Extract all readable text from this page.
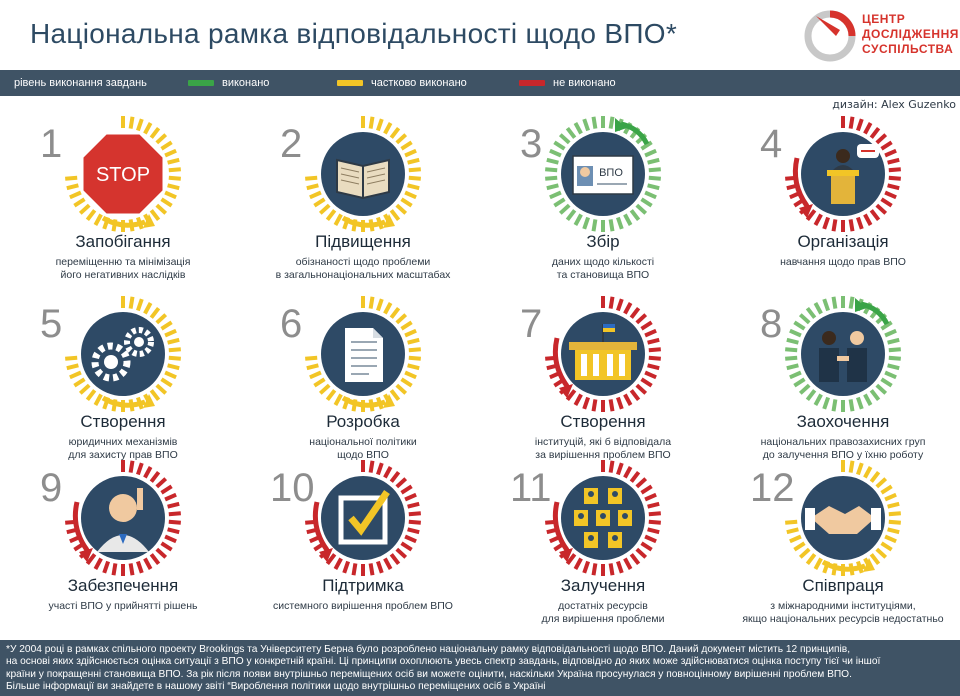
Національна рамка відповідальності щодо ВПО*	ЦЕНТР
ДОСЛІДЖЕННЯ
СУСПІЛЬСТВА
рівень виконання завдань	виконано	частково виконано	не виконано
дизайн: Alex Guzenko
1
STOP
Запобігання
переміщенню та мінімізація
його негативних наслідків
2
Підвищення
обізнаності щодо проблеми
в загальнонаціональних масштабах
3
ВПО
Збір
даних щодо кількості
та становища ВПО
4
Організація
навчання щодо прав ВПО
5
Створення
юридичних механізмів
для захисту прав ВПО
6
Розробка
національної політики
щодо ВПО
7
Створення
інституцій, які б відповідала
за вирішення проблем ВПО
8
Заохочення
національних правозахисних груп
до залучення ВПО у їхню роботу
9
Забезпечення
участі ВПО у прийнятті рішень
10
Підтримка
системного вирішення проблем ВПО
11
Залучення
достатніх ресурсів
для вирішення проблеми
12
Співпраця
з міжнародними інституціями,
якщо національних ресурсів недостатньо

*У 2004 році в рамках спільного проекту Brookings та Університету Берна було розроблено національну рамку відповідальності щодо ВПО. Даний документ містить 12 принципів,

на основі яких здійснюється оцінка ситуації з ВПО у конкретній країні. Ці принципи охоплюють увесь спектр завдань, відповідно до яких може здійснюватися оцінка поступу тієї чи іншої

країни у покращенні становища ВПО. За рік після появи внутрішньо переміщених осіб ви можете оцінити, наскільки Україна просунулася у повноцінному вирішенні проблем ВПО.

Більше інформації ви знайдете в нашому звіті “Вироблення політики щодо внутрішньо переміщених осіб в Україні
